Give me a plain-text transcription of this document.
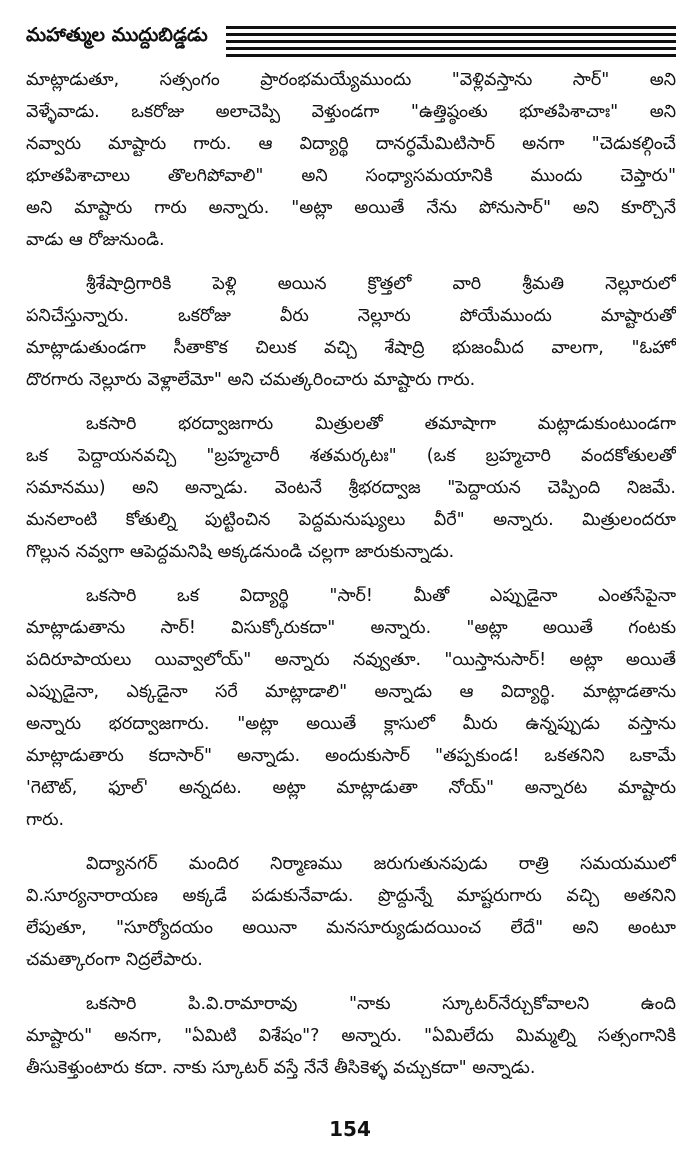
మహాత్ముల ముద్దుబిడ్డడు
మాట్లాడుతూ, సత్సంగం ప్రారంభమయ్యేముందు "వెళ్లివస్తాను సార్" అని
వెళ్ళేవాడు. ఒకరోజు అలాచెప్పి వెళ్తుండగా "ఉత్తిష్ఠంతు భూతపిశాచాః" అని
నవ్వారు మాష్టారు గారు. ఆ విద్యార్థి దానర్ధమేమిటిసార్ అనగా "చెడుకల్గించే
భూతపిశాచాలు తొలగిపోవాలి" అని సంధ్యాసమయానికి ముందు చెప్తారు"
అని మాష్టారు గారు అన్నారు. "అట్లా అయితే నేను పోనుసార్" అని కూర్చొనే
వాడు ఆ రోజునుండి.
శ్రీశేషాద్రిగారికి పెళ్లి అయిన క్రొత్తలో వారి శ్రీమతి నెల్లూరులో
పనిచేస్తున్నారు. ఒకరోజు వీరు నెల్లూరు పోయేముందు మాష్టారుతో
మాట్లాడుతుండగా సీతాకొక చిలుక వచ్చి శేషాద్రి భుజంమీద వాలగా, "ఓహో
దొరగారు నెల్లూరు వెళ్లాలేమో" అని చమత్కరించారు మాష్టారు గారు.
ఒకసారి భరద్వాజగారు మిత్రులతో తమాషాగా మట్లాడుకుంటుండగా
ఒక పెద్దాయనవచ్చి "బ్రహ్మచారీ శతమర్కటః" (ఒక బ్రహ్మచారి వందకోతులతో
సమానము) అని అన్నాడు. వెంటనే శ్రీభరద్వాజ "పెద్దాయన చెప్పింది నిజమే.
మనలాంటి కోతుల్ని పుట్టించిన పెద్దమనుష్యులు వీరే" అన్నారు. మిత్రులందరూ
గొల్లున నవ్వగా ఆపెద్దమనిషి అక్కడనుండి చల్లగా జారుకున్నాడు.
ఒకసారి ఒక విద్యార్థి "సార్! మీతో ఎప్పుడైనా ఎంతసేపైనా
మాట్లాడుతాను సార్! విసుక్కోరుకదా" అన్నారు. "అట్లా అయితే గంటకు
పదిరూపాయలు యివ్వాలోయ్" అన్నారు నవ్వుతూ. "యిస్తానుసార్! అట్లా అయితే
ఎప్పుడైనా, ఎక్కడైనా సరే మాట్లాడాలి" అన్నాడు ఆ విద్యార్థి. మాట్లాడతాను
అన్నారు భరద్వాజగారు. "అట్లా అయితే క్లాసులో మీరు ఉన్నప్పుడు వస్తాను
మాట్లాడుతారు కదాసార్" అన్నాడు. అందుకుసార్ "తప్పకుండ! ఒకతనిని ఒకామే
'గెటౌట్, ఫూల్' అన్నదట. అట్లా మాట్లాడుతా నోయ్" అన్నారట మాష్టారు
గారు.
విద్యానగర్ మందిర నిర్మాణము జరుగుతునపుడు రాత్రి సమయములో
వి.సూర్యనారాయణ అక్కడే పడుకునేవాడు. ప్రొద్దున్నే మాష్టరుగారు వచ్చి అతనిని
లేపుతూ, "సూర్యోదయం అయినా మనసూర్యుడుదయించ లేదే" అని అంటూ
చమత్కారంగా నిద్రలేపారు.
ఒకసారి పి.వి.రామారావు "నాకు స్కూటర్‌నేర్చుకోవాలని ఉంది
మాష్టారు" అనగా, "ఏమిటి విశేషం"? అన్నారు. "ఏమిలేదు మిమ్మల్ని సత్సంగానికి
తీసుకెళ్తుంటారు కదా. నాకు స్కూటర్ వస్తే నేనే తీసికెళ్ళ వచ్చుకదా" అన్నాడు.
154
